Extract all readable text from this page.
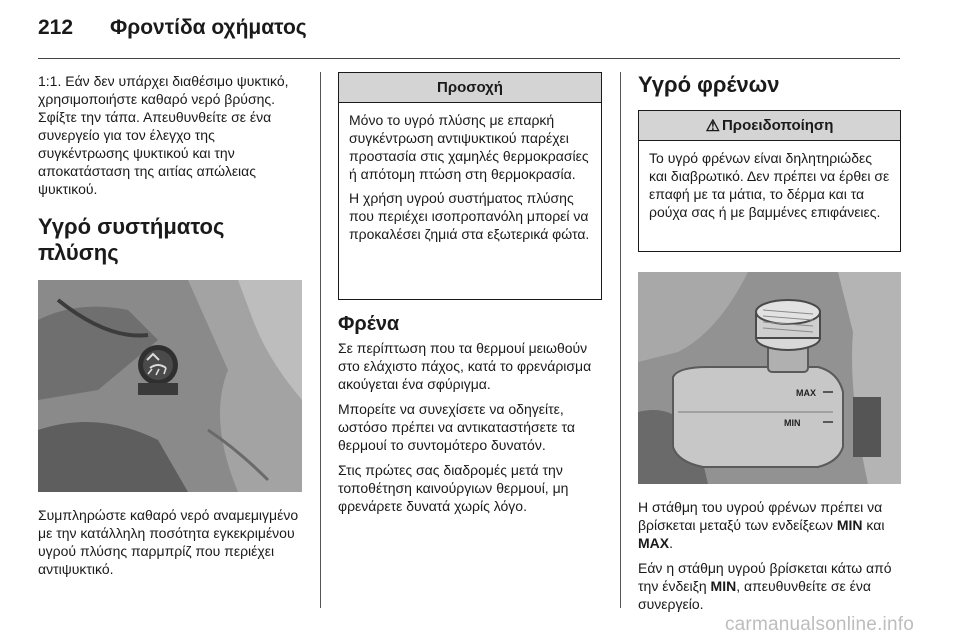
212 Φροντίδα οχήματος

1:1. Εάν δεν υπάρχει διαθέσιμο ψυκτικό, χρησιμοποιήστε καθαρό νερό βρύσης. Σφίξτε την τάπα. Απευθυνθείτε σε ένα συνεργείο για τον έλεγχο της συγκέντρωσης ψυκτικού και την αποκατάσταση της αιτίας απώλειας ψυκτικού.

Υγρό συστήματος πλύσης

Συμπληρώστε καθαρό νερό αναμεμιγμένο με την κατάλληλη ποσότητα εγκεκριμένου υγρού πλύσης παρμπρίζ που περιέχει αντιψυκτικό.

Προσοχή

Μόνο το υγρό πλύσης με επαρκή συγκέντρωση αντιψυκτικού παρέχει προστασία στις χαμηλές θερμοκρασίες ή απότομη πτώση στη θερμοκρασία.

Η χρήση υγρού συστήματος πλύσης που περιέχει ισοπροπανόλη μπορεί να προκαλέσει ζημιά στα εξωτερικά φώτα.

Φρένα

Σε περίπτωση που τα θερμουί μειωθούν στο ελάχιστο πάχος, κατά το φρενάρισμα ακούγεται ένα σφύριγμα.

Μπορείτε να συνεχίσετε να οδηγείτε, ωστόσο πρέπει να αντικαταστήσετε τα θερμουί το συντομότερο δυνατόν.

Στις πρώτες σας διαδρομές μετά την τοποθέτηση καινούργιων θερμουί, μη φρενάρετε δυνατά χωρίς λόγο.

Υγρό φρένων
⚠ Προειδοποίηση

Το υγρό φρένων είναι δηλητηριώδες και διαβρωτικό. Δεν πρέπει να έρθει σε επαφή με τα μάτια, το δέρμα και τα ρούχα σας ή με βαμμένες επιφάνειες.

MAX
MIN

Η στάθμη του υγρού φρένων πρέπει να βρίσκεται μεταξύ των ενδείξεων MIN και MAX.

Εάν η στάθμη υγρού βρίσκεται κάτω από την ένδειξη MIN, απευθυνθείτε σε ένα συνεργείο.

carmanualsonline.info
